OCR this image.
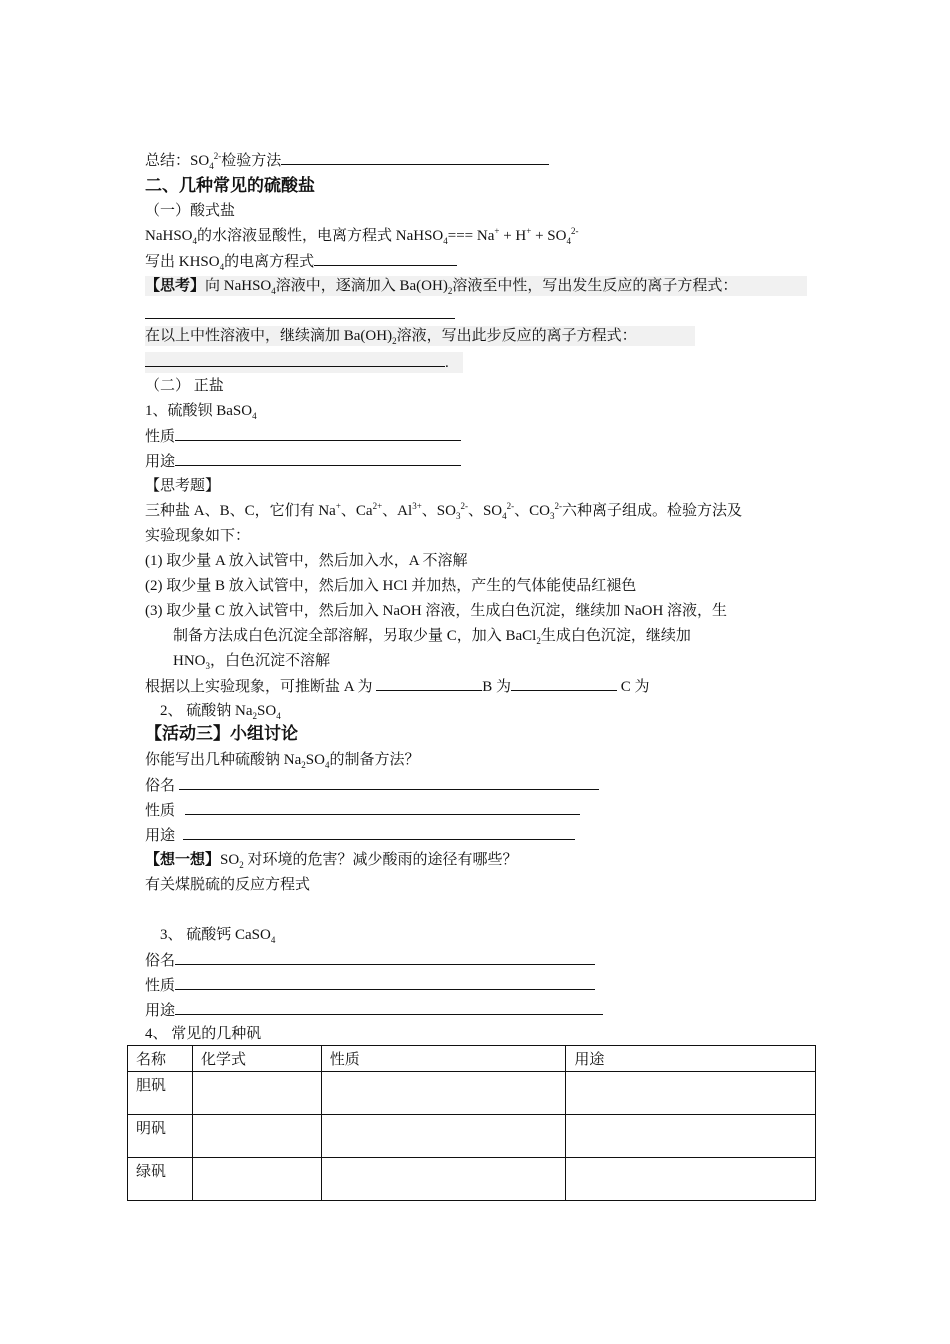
总结：$SO_4^{2-}$检验方法
二、几种常见的硫酸盐
（一）酸式盐
NaHSO$_4$的水溶液显酸性，电离方程式 NaHSO$_4$=== $Na^+ + H^+ + SO_4^{2-}$
写出 $KHSO_4$的电离方程式
【思考】向 NaHSO$_4$溶液中，逐滴加入 $Ba(OH)_2$溶液至中性，写出发生反应的离子方程式：
在以上中性溶液中，继续滴加 $Ba(OH)_2$溶液，写出此步反应的离子方程式：
.
（二） 正盐
1、硫酸钡 BaSO$_4$
性质
用途
【思考题】
三种盐 A、B、C，它们有 Na+、$Ca^{2+}$、$Al^{3+}$、$SO_3^{2-}$、$SO_4^{2-}$、$CO_3^{2-}$六种离子组成。检验方法及
实验现象如下：
(1) 取少量 A 放入试管中，然后加入水，A 不溶解
(2) 取少量 B 放入试管中，然后加入 HCl 并加热，产生的气体能使品红褪色
(3) 取少量 C 放入试管中，然后加入 NaOH 溶液，生成白色沉淀，继续加 NaOH 溶液，生
制备方法成白色沉淀全部溶解，另取少量 C，加入 BaCl$_2$生成白色沉淀，继续加
$HNO_3$，白色沉淀不溶解
根据以上实验现象，可推断盐 A 为	B 为	C 为
2、 硫酸钠 $Na_2SO_4$
【活动三】小组讨论
你能写出几种硫酸钠 $Na_2SO_4$的制备方法？
俗名
性质
用途
【想一想】$SO_2$ 对环境的危害？减少酸雨的途径有哪些？
有关煤脱硫的反应方程式
3、 硫酸钙 CaSO$_4$
俗名
性质
用途
4、 常见的几种矾
名称	化学式	性质	用途
胆矾			
明矾			
绿矾			
